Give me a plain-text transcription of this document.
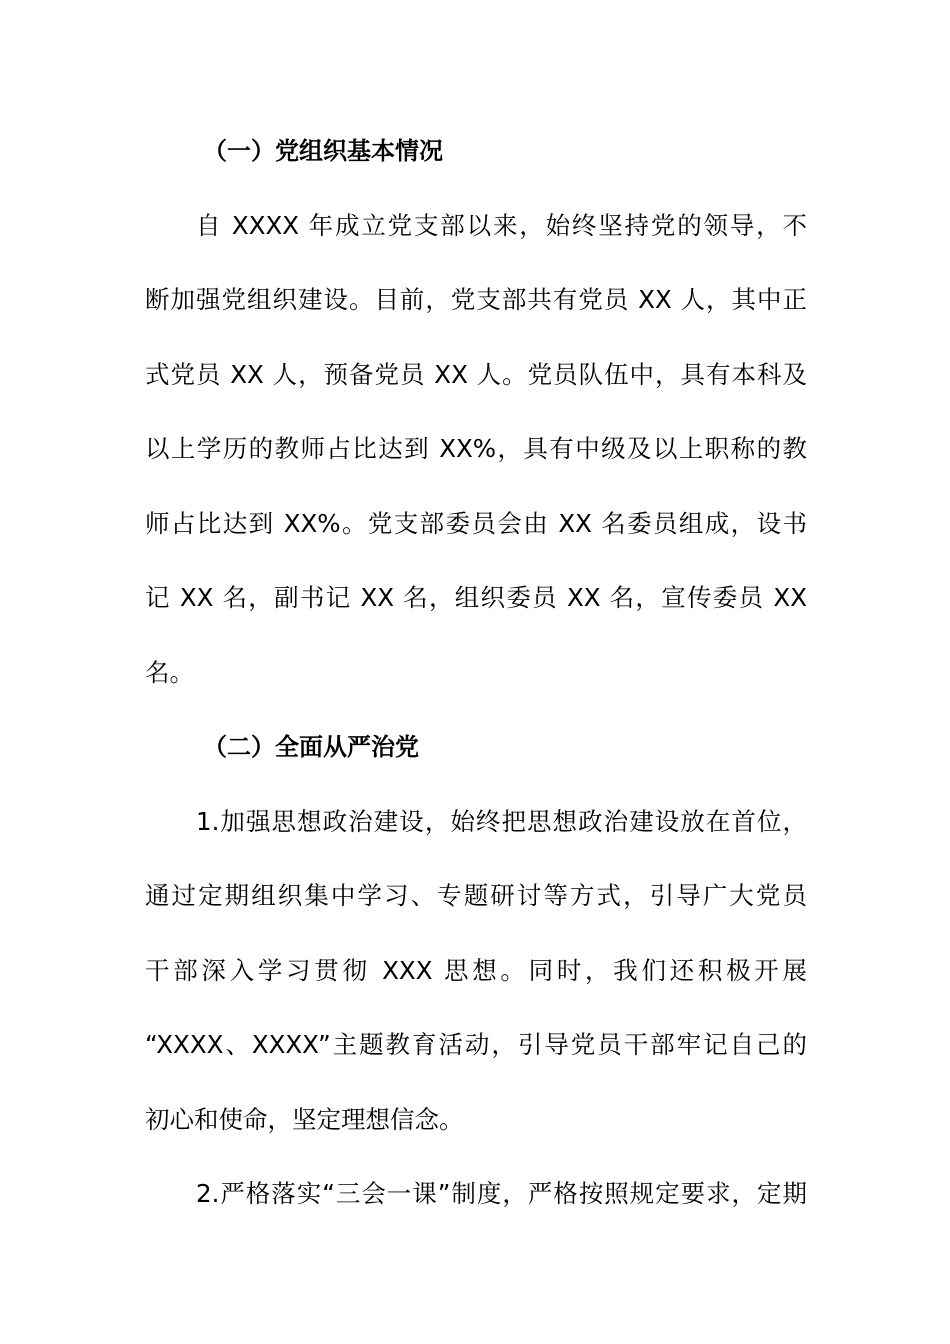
（一）党组织基本情况
自 XXXX 年成立党支部以来，始终坚持党的领导，不
断加强党组织建设。目前，党支部共有党员 XX 人，其中正
式党员 XX 人，预备党员 XX 人。党员队伍中，具有本科及
以上学历的教师占比达到 XX%，具有中级及以上职称的教
师占比达到 XX%。党支部委员会由 XX 名委员组成，设书
记 XX 名，副书记 XX 名，组织委员 XX 名，宣传委员 XX
名。
（二）全面从严治党
1.加强思想政治建设，始终把思想政治建设放在首位，
通过定期组织集中学习、专题研讨等方式，引导广大党员
干部深入学习贯彻 XXX 思想。同时，我们还积极开展
“XXXX、XXXX”主题教育活动，引导党员干部牢记自己的
初心和使命，坚定理想信念。
2.严格落实“三会一课”制度，严格按照规定要求，定期
